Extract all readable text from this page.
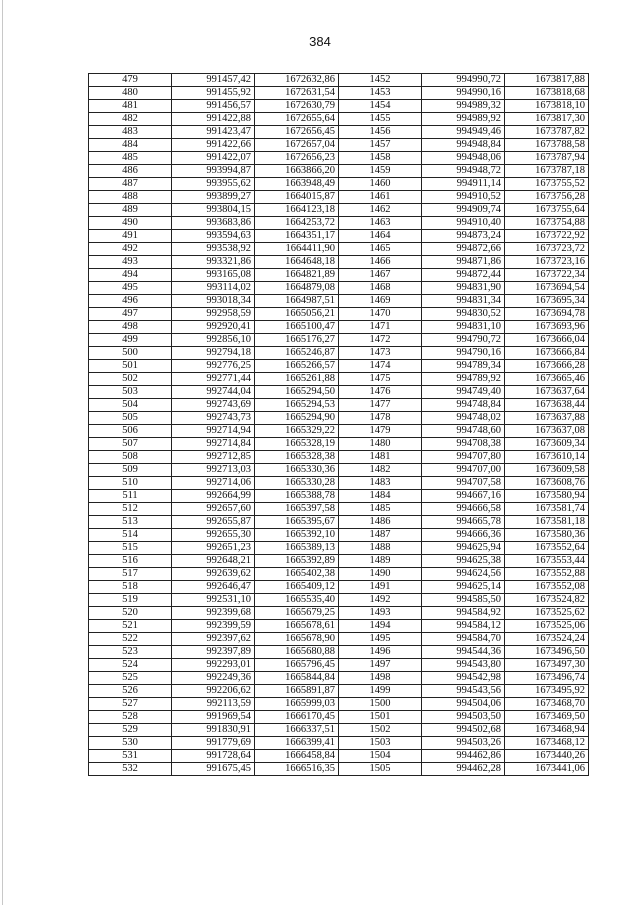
384
479	991457,42	1672632,86	1452	994990,72	1673817,88
480	991455,92	1672631,54	1453	994990,16	1673818,68
481	991456,57	1672630,79	1454	994989,32	1673818,10
482	991422,88	1672655,64	1455	994989,92	1673817,30
483	991423,47	1672656,45	1456	994949,46	1673787,82
484	991422,66	1672657,04	1457	994948,84	1673788,58
485	991422,07	1672656,23	1458	994948,06	1673787,94
486	993994,87	1663866,20	1459	994948,72	1673787,18
487	993955,62	1663948,49	1460	994911,14	1673755,52
488	993899,27	1664015,87	1461	994910,52	1673756,28
489	993804,15	1664123,18	1462	994909,74	1673755,64
490	993683,86	1664253,72	1463	994910,40	1673754,88
491	993594,63	1664351,17	1464	994873,24	1673722,92
492	993538,92	1664411,90	1465	994872,66	1673723,72
493	993321,86	1664648,18	1466	994871,86	1673723,16
494	993165,08	1664821,89	1467	994872,44	1673722,34
495	993114,02	1664879,08	1468	994831,90	1673694,54
496	993018,34	1664987,51	1469	994831,34	1673695,34
497	992958,59	1665056,21	1470	994830,52	1673694,78
498	992920,41	1665100,47	1471	994831,10	1673693,96
499	992856,10	1665176,27	1472	994790,72	1673666,04
500	992794,18	1665246,87	1473	994790,16	1673666,84
501	992776,25	1665266,57	1474	994789,34	1673666,28
502	992771,44	1665261,88	1475	994789,92	1673665,46
503	992744,04	1665294,50	1476	994749,40	1673637,64
504	992743,69	1665294,53	1477	994748,84	1673638,44
505	992743,73	1665294,90	1478	994748,02	1673637,88
506	992714,94	1665329,22	1479	994748,60	1673637,08
507	992714,84	1665328,19	1480	994708,38	1673609,34
508	992712,85	1665328,38	1481	994707,80	1673610,14
509	992713,03	1665330,36	1482	994707,00	1673609,58
510	992714,06	1665330,28	1483	994707,58	1673608,76
511	992664,99	1665388,78	1484	994667,16	1673580,94
512	992657,60	1665397,58	1485	994666,58	1673581,74
513	992655,87	1665395,67	1486	994665,78	1673581,18
514	992655,30	1665392,10	1487	994666,36	1673580,36
515	992651,23	1665389,13	1488	994625,94	1673552,64
516	992648,21	1665392,89	1489	994625,38	1673553,44
517	992639,62	1665402,38	1490	994624,56	1673552,88
518	992646,47	1665409,12	1491	994625,14	1673552,08
519	992531,10	1665535,40	1492	994585,50	1673524,82
520	992399,68	1665679,25	1493	994584,92	1673525,62
521	992399,59	1665678,61	1494	994584,12	1673525,06
522	992397,62	1665678,90	1495	994584,70	1673524,24
523	992397,89	1665680,88	1496	994544,36	1673496,50
524	992293,01	1665796,45	1497	994543,80	1673497,30
525	992249,36	1665844,84	1498	994542,98	1673496,74
526	992206,62	1665891,87	1499	994543,56	1673495,92
527	992113,59	1665999,03	1500	994504,06	1673468,70
528	991969,54	1666170,45	1501	994503,50	1673469,50
529	991830,91	1666337,51	1502	994502,68	1673468,94
530	991779,69	1666399,41	1503	994503,26	1673468,12
531	991728,64	1666458,84	1504	994462,86	1673440,26
532	991675,45	1666516,35	1505	994462,28	1673441,06
